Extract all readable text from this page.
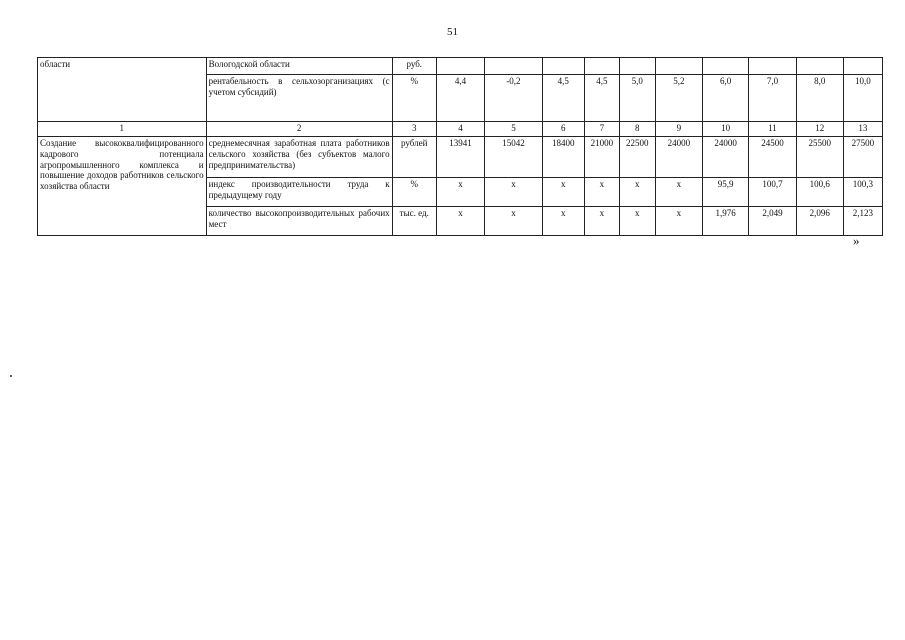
51
области	Вологодской области	руб.										
	рентабельность в сельхозорганизациях (с учетом субсидий)	%	4,4	-0,2	4,5	4,5	5,0	5,2	6,0	7,0	8,0	10,0
1	2	3	4	5	6	7	8	9	10	11	12	13
Создание высококвалифицированного кадрового потенциала агропромышленного комплекса и повышение доходов работников сельского хозяйства области	среднемесячная заработная плата работников сельского хозяйства (без субъектов малого предпринимательства)	рублей	13941	15042	18400	21000	22500	24000	24000	24500	25500	27500
	индекс производительности труда к предыдущему году	%	х	х	х	х	х	х	95,9	100,7	100,6	100,3
	количество высокопроизводительных рабочих мест	тыс. ед.	х	х	х	х	х	х	1,976	2,049	2,096	2,123
»
